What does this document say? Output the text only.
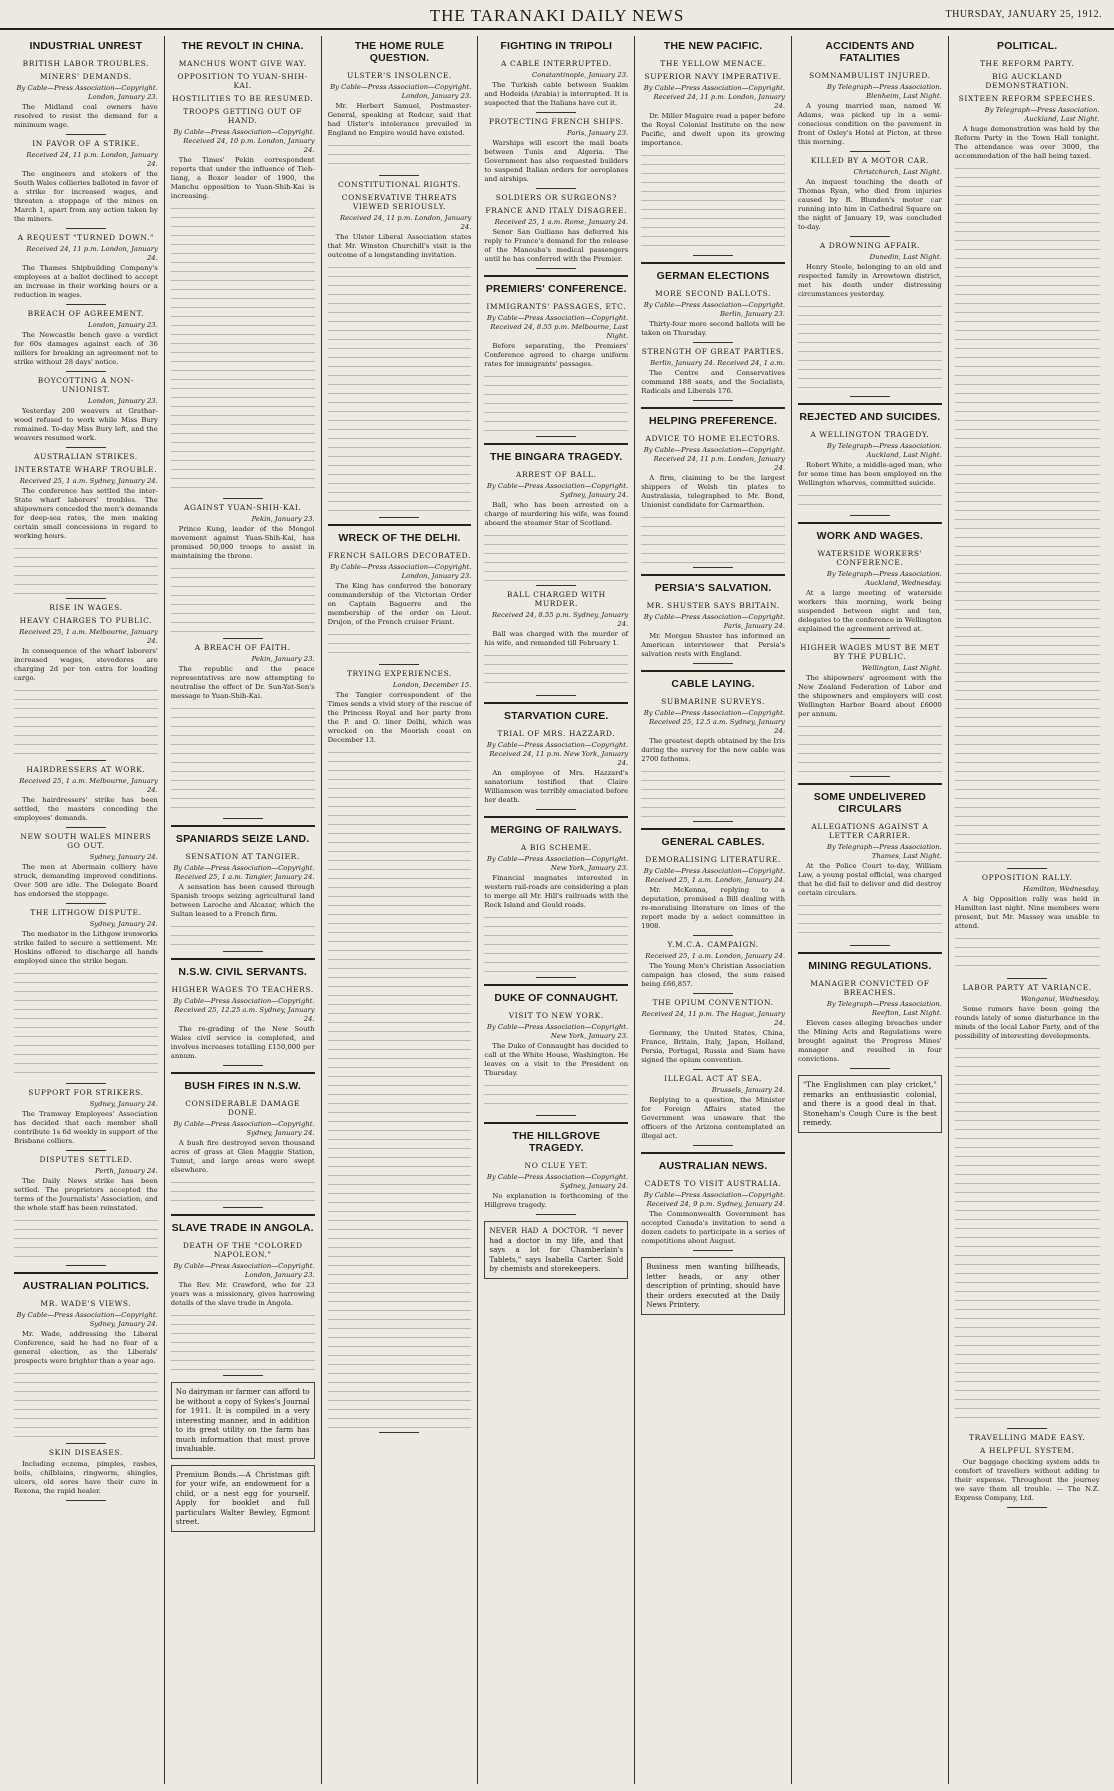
THE TARANAKI DAILY NEWS	THURSDAY, JANUARY 25, 1912.
INDUSTRIAL UNREST
BRITISH LABOR TROUBLES.
MINERS' DEMANDS.
By Cable—Press Association—Copyright. London, January 23.
The Midland coal owners have resolved to resist the demand for a minimum wage.
IN FAVOR OF A STRIKE.
Received 24, 11 p.m. London, January 24.
The engineers and stokers of the South Wales collieries balloted in favor of a strike for increased wages, and threaten a stoppage of the mines on March 1, apart from any action taken by the miners.
A REQUEST "TURNED DOWN."
Received 24, 11 p.m. London, January 24.
The Thames Shipbuilding Company's employees at a ballot declined to accept an increase in their working hours or a reduction in wages.
BREACH OF AGREEMENT.
London, January 23.
The Newcastle bench gave a verdict for 60s damages against each of 36 millers for breaking an agreement not to strike without 28 days' notice.
BOYCOTTING A NON-UNIONIST.
London, January 23.
Yesterday 200 weavers at Grathar-wood refused to work while Miss Bury remained. To-day Miss Bury left, and the weavers resumed work.
AUSTRALIAN STRIKES.
INTERSTATE WHARF TROUBLE.
Received 25, 1 a.m. Sydney, January 24.
The conference has settled the inter-State wharf laborers' troubles. The shipowners conceded the men's demands for deep-sea rates, the men making certain small concessions in regard to working hours.
RISE IN WAGES.
HEAVY CHARGES TO PUBLIC.
Received 25, 1 a.m. Melbourne, January 24.
In consequence of the wharf laborers' increased wages, stevedores are charging 2d per ton extra for loading cargo.
HAIRDRESSERS AT WORK.
Received 25, 1 a.m. Melbourne, January 24.
The hairdressers' strike has been settled, the masters conceding the employees' demands.
NEW SOUTH WALES MINERS GO OUT.
Sydney, January 24.
The men at Abermain colliery have struck, demanding improved conditions. Over 500 are idle. The Delegate Board has endorsed the stoppage.
THE LITHGOW DISPUTE.
Sydney, January 24.
The mediator in the Lithgow ironworks strike failed to secure a settlement. Mr. Hoskins offered to discharge all hands employed since the strike began.
SUPPORT FOR STRIKERS.
Sydney, January 24.
The Tramway Employees' Association has decided that each member shall contribute 1s 6d weekly in support of the Brisbane colliers.
DISPUTES SETTLED.
Perth, January 24.
The Daily News strike has been settled. The proprietors accepted the terms of the Journalists' Association, and the whole staff has been reinstated.
AUSTRALIAN POLITICS.
MR. WADE'S VIEWS.
By Cable—Press Association—Copyright. Sydney, January 24.
Mr. Wade, addressing the Liberal Conference, said he had no fear of a general election, as the Liberals' prospects were brighter than a year ago.
SKIN DISEASES.
Including eczema, pimples, rashes, boils, chilblains, ringworm, shingles, ulcers, old sores have their cure in Rexona, the rapid healer.
THE REVOLT IN CHINA.
MANCHUS WONT GIVE WAY.
OPPOSITION TO YUAN-SHIH-KAI.
HOSTILITIES TO BE RESUMED.
TROOPS GETTING OUT OF HAND.
By Cable—Press Association—Copyright. Received 24, 10 p.m. London, January 24.
The Times' Pekin correspondent reports that under the influence of Tieh-liang, a Boxer leader of 1900, the Manchu opposition to Yuan-Shih-Kai is increasing.
AGAINST YUAN-SHIH-KAI.
Pekin, January 23.
Prince Kung, leader of the Mongol movement against Yuan-Shih-Kai, has promised 50,000 troops to assist in maintaining the throne.
A BREACH OF FAITH.
Pekin, January 23.
The republic and the peace representatives are now attempting to neutralise the effect of Dr. Sun-Yat-Sen's message to Yuan-Shih-Kai.
SPANIARDS SEIZE LAND.
SENSATION AT TANGIER.
By Cable—Press Association—Copyright. Received 25, 1 a.m. Tangier, January 24.
A sensation has been caused through Spanish troops seizing agricultural land between Laroche and Alcazar, which the Sultan leased to a French firm.
N.S.W. CIVIL SERVANTS.
HIGHER WAGES TO TEACHERS.
By Cable—Press Association—Copyright. Received 25, 12.25 a.m. Sydney, January 24.
The re-grading of the New South Wales civil service is completed, and involves increases totalling £150,000 per annum.
BUSH FIRES IN N.S.W.
CONSIDERABLE DAMAGE DONE.
By Cable—Press Association—Copyright. Sydney, January 24.
A bush fire destroyed seven thousand acres of grass at Glen Maggie Station, Tumut, and large areas were swept elsewhere.
SLAVE TRADE IN ANGOLA.
DEATH OF THE "COLORED NAPOLEON."
By Cable—Press Association—Copyright. London, January 23.
The Rev. Mr. Crawford, who for 23 years was a missionary, gives harrowing details of the slave trade in Angola.
No dairyman or farmer can afford to be without a copy of Sykes's Journal for 1911. It is compiled in a very interesting manner, and in addition to its great utility on the farm has much information that must prove invaluable.
Premium Bonds.—A Christmas gift for your wife, an endowment for a child, or a nest egg for yourself. Apply for booklet and full particulars Walter Bewley, Egmont street.
THE HOME RULE QUESTION.
ULSTER'S INSOLENCE.
By Cable—Press Association—Copyright. London, January 23.
Mr. Herbert Samuel, Postmaster-General, speaking at Redcar, said that had Ulster's intolerance prevailed in England no Empire would have existed.
CONSTITUTIONAL RIGHTS.
CONSERVATIVE THREATS VIEWED SERIOUSLY.
Received 24, 11 p.m. London, January 24.
The Ulster Liberal Association states that Mr. Winston Churchill's visit is the outcome of a longstanding invitation.
WRECK OF THE DELHI.
FRENCH SAILORS DECORATED.
By Cable—Press Association—Copyright. London, January 23.
The King has conferred the honorary commandership of the Victorian Order on Captain Baguerre and the membership of the order on Lieut. Drujon, of the French cruiser Friant.
TRYING EXPERIENCES.
London, December 15.
The Tangier correspondent of the Times sends a vivid story of the rescue of the Princess Royal and her party from the P. and O. liner Delhi, which was wrecked on the Moorish coast on December 13.
FIGHTING IN TRIPOLI
A CABLE INTERRUPTED.
Constantinople, January 23.
The Turkish cable between Suakim and Hodeida (Arabia) is interrupted. It is suspected that the Italians have cut it.
PROTECTING FRENCH SHIPS.
Paris, January 23.
Warships will escort the mail boats between Tunis and Algeria. The Government has also requested builders to suspend Italian orders for aeroplanes and airships.
SOLDIERS OR SURGEONS?
FRANCE AND ITALY DISAGREE.
Received 25, 1 a.m. Rome, January 24.
Senor San Guiliano has deferred his reply to France's demand for the release of the Manouba's medical passengers until he has conferred with the Premier.
PREMIERS' CONFERENCE.
IMMIGRANTS' PASSAGES, ETC.
By Cable—Press Association—Copyright. Received 24, 8.55 p.m. Melbourne, Last Night.
Before separating, the Premiers' Conference agreed to charge uniform rates for immigrants' passages.
THE BINGARA TRAGEDY.
ARREST OF BALL.
By Cable—Press Association—Copyright. Sydney, January 24.
Ball, who has been arrested on a charge of murdering his wife, was found aboard the steamer Star of Scotland.
BALL CHARGED WITH MURDER.
Received 24, 8.55 p.m. Sydney, January 24.
Ball was charged with the murder of his wife, and remanded till February 1.
STARVATION CURE.
TRIAL OF MRS. HAZZARD.
By Cable—Press Association—Copyright. Received 24, 11 p.m. New York, January 24.
An employee of Mrs. Hazzard's sanatorium testified that Claire Williamson was terribly emaciated before her death.
MERGING OF RAILWAYS.
A BIG SCHEME.
By Cable—Press Association—Copyright. New York, January 23.
Financial magnates interested in western rail-roads are considering a plan to merge all Mr. Hill's railroads with the Rock Island and Gould roads.
DUKE OF CONNAUGHT.
VISIT TO NEW YORK.
By Cable—Press Association—Copyright. New York, January 23.
The Duke of Connaught has decided to call at the White House, Washington. He leaves on a visit to the President on Thursday.
THE HILLGROVE TRAGEDY.
NO CLUE YET.
By Cable—Press Association—Copyright. Sydney, January 24.
No explanation is forthcoming of the Hillgrove tragedy.
NEVER HAD A DOCTOR. "I never had a doctor in my life, and that says a lot for Chamberlain's Tablets," says Isabella Carter. Sold by chemists and storekeepers.
THE NEW PACIFIC.
THE YELLOW MENACE.
SUPERIOR NAVY IMPERATIVE.
By Cable—Press Association—Copyright. Received 24, 11 p.m. London, January 24.
Dr. Miller Maguire read a paper before the Royal Colonial Institute on the new Pacific, and dwelt upon its growing importance.
GERMAN ELECTIONS
MORE SECOND BALLOTS.
By Cable—Press Association—Copyright. Berlin, January 23.
Thirty-four more second ballots will be taken on Thursday.
STRENGTH OF GREAT PARTIES.
Berlin, January 24. Received 24, 1 a.m.
The Centre and Conservatives command 188 seats, and the Socialists, Radicals and Liberals 176.
HELPING PREFERENCE.
ADVICE TO HOME ELECTORS.
By Cable—Press Association—Copyright. Received 24, 11 p.m. London, January 24.
A firm, claiming to be the largest shippers of Welsh tin plates to Australasia, telegraphed to Mr. Bond, Unionist candidate for Carmarthen.
PERSIA'S SALVATION.
MR. SHUSTER SAYS BRITAIN.
By Cable—Press Association—Copyright. Paris, January 24.
Mr. Morgan Shuster has informed an American interviewer that Persia's salvation rests with England.
CABLE LAYING.
SUBMARINE SURVEYS.
By Cable—Press Association—Copyright. Received 25, 12.5 a.m. Sydney, January 24.
The greatest depth obtained by the Iris during the survey for the new cable was 2700 fathoms.
GENERAL CABLES.
DEMORALISING LITERATURE.
By Cable—Press Association—Copyright. Received 25, 1 a.m. London, January 24.
Mr. McKenna, replying to a deputation, promised a Bill dealing with re-moralising literature on lines of the report made by a select committee in 1908.
Y.M.C.A. CAMPAIGN.
Received 25, 1 a.m. London, January 24.
The Young Men's Christian Association campaign has closed, the sum raised being £66,857.
THE OPIUM CONVENTION.
Received 24, 11 p.m. The Hague, January 24.
Germany, the United States, China, France, Britain, Italy, Japan, Holland, Persia, Portugal, Russia and Siam have signed the opium convention.
ILLEGAL ACT AT SEA.
Brussels, January 24.
Replying to a question, the Minister for Foreign Affairs stated the Government was unaware that the officers of the Arizona contemplated an illegal act.
AUSTRALIAN NEWS.
CADETS TO VISIT AUSTRALIA.
By Cable—Press Association—Copyright. Received 24, 9 p.m. Sydney, January 24.
The Commonwealth Government has accepted Canada's invitation to send a dozen cadets to participate in a series of competitions about August.
Business men wanting billheads, letter heads, or any other description of printing, should have their orders executed at the Daily News Printery.
ACCIDENTS AND FATALITIES
SOMNAMBULIST INJURED.
By Telegraph—Press Association. Blenheim, Last Night.
A young married man, named W. Adams, was picked up in a semi-conscious condition on the pavement in front of Oxley's Hotel at Picton, at three this morning.
KILLED BY A MOTOR CAR.
Christchurch, Last Night.
An inquest touching the death of Thomas Ryan, who died from injuries caused by R. Blunden's motor car running into him in Cathedral Square on the night of January 19, was concluded to-day.
A DROWNING AFFAIR.
Dunedin, Last Night.
Henry Steele, belonging to an old and respected family in Arrowtown district, met his death under distressing circumstances yesterday.
REJECTED AND SUICIDES.
A WELLINGTON TRAGEDY.
By Telegraph—Press Association. Auckland, Last Night.
Robert White, a middle-aged man, who for some time has been employed on the Wellington wharves, committed suicide.
WORK AND WAGES.
WATERSIDE WORKERS' CONFERENCE.
By Telegraph—Press Association. Auckland, Wednesday.
At a large meeting of waterside workers this morning, work being suspended between eight and ten, delegates to the conference in Wellington explained the agreement arrived at.
HIGHER WAGES MUST BE MET BY THE PUBLIC.
Wellington, Last Night.
The shipowners' agreement with the New Zealand Federation of Labor and the shipowners and employers will cost Wellington Harbor Board about £6000 per annum.
SOME UNDELIVERED CIRCULARS
ALLEGATIONS AGAINST A LETTER CARRIER.
By Telegraph—Press Association. Thames, Last Night.
At the Police Court to-day, William Law, a young postal official, was charged that he did fail to deliver and did destroy certain circulars.
MINING REGULATIONS.
MANAGER CONVICTED OF BREACHES.
By Telegraph—Press Association. Reefton, Last Night.
Eleven cases alleging breaches under the Mining Acts and Regulations were brought against the Progress Mines' manager and resulted in four convictions.
"The Englishmen can play cricket," remarks an enthusiastic colonial, and there is a good deal in that. Stoneham's Cough Cure is the best remedy.
POLITICAL.
THE REFORM PARTY.
BIG AUCKLAND DEMONSTRATION.
SIXTEEN REFORM SPEECHES.
By Telegraph—Press Association. Auckland, Last Night.
A huge demonstration was held by the Reform Party in the Town Hall tonight. The attendance was over 3000, the accommodation of the hall being taxed.
OPPOSITION RALLY.
Hamilton, Wednesday.
A big Opposition rally was held in Hamilton last night. Nine members were present, but Mr. Massey was unable to attend.
LABOR PARTY AT VARIANCE.
Wanganui, Wednesday.
Some rumors have been going the rounds lately of some disturbance in the minds of the local Labor Party, and of the possibility of interesting developments.
TRAVELLING MADE EASY.
A HELPFUL SYSTEM.
Our baggage checking system adds to comfort of travellers without adding to their expense. Throughout the journey we save them all trouble. — The N.Z. Express Company, Ltd.
